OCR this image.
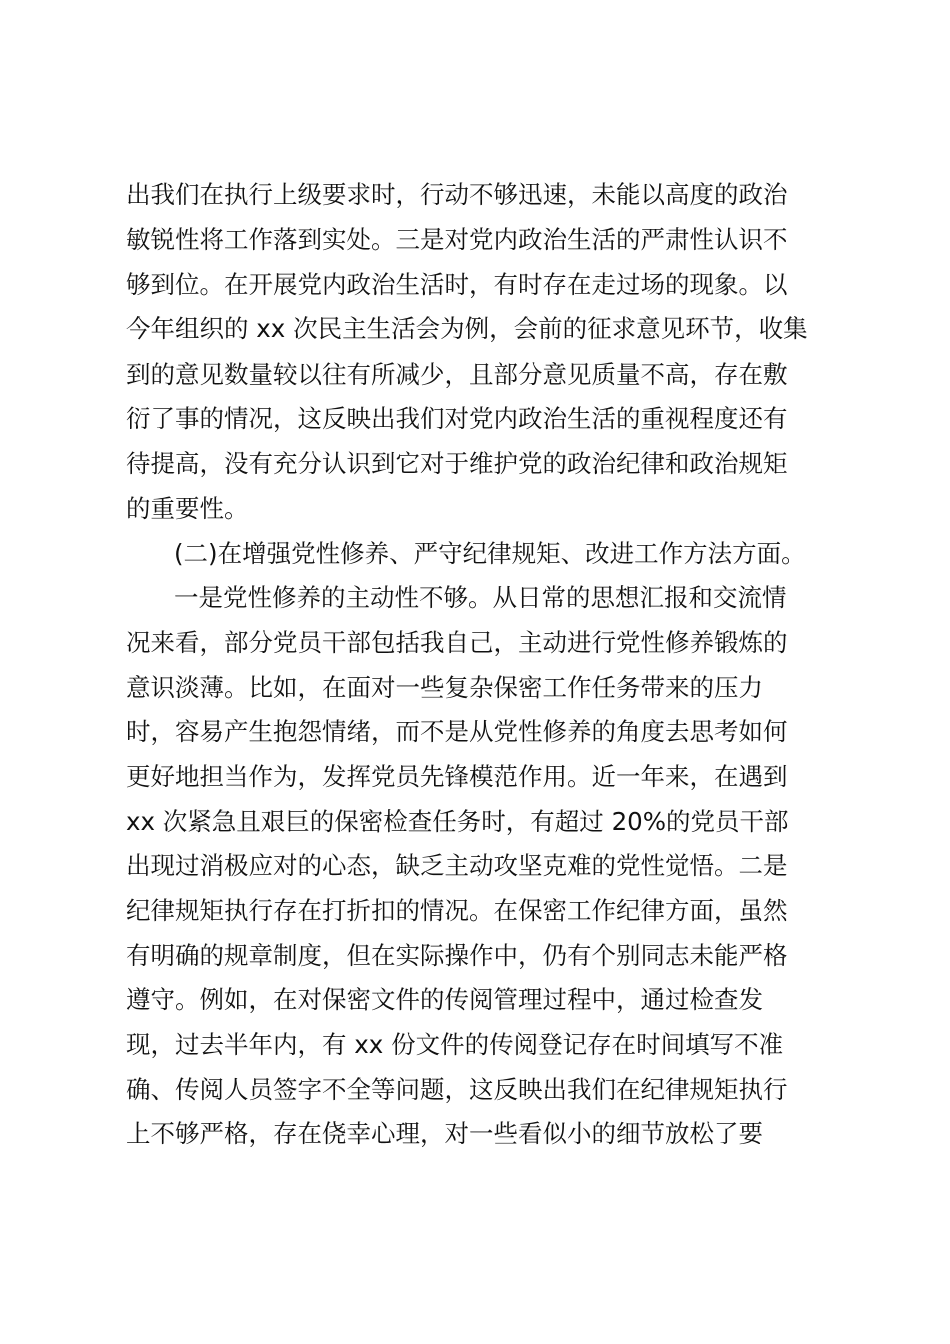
出我们在执行上级要求时，行动不够迅速，未能以高度的政治
敏锐性将工作落到实处。三是对党内政治生活的严肃性认识不
够到位。在开展党内政治生活时，有时存在走过场的现象。以
今年组织的 xx 次民主生活会为例，会前的征求意见环节，收集
到的意见数量较以往有所减少，且部分意见质量不高，存在敷
衍了事的情况，这反映出我们对党内政治生活的重视程度还有
待提高，没有充分认识到它对于维护党的政治纪律和政治规矩
的重要性。
(二)在增强党性修养、严守纪律规矩、改进工作方法方面。
一是党性修养的主动性不够。从日常的思想汇报和交流情
况来看，部分党员干部包括我自己，主动进行党性修养锻炼的
意识淡薄。比如，在面对一些复杂保密工作任务带来的压力
时，容易产生抱怨情绪，而不是从党性修养的角度去思考如何
更好地担当作为，发挥党员先锋模范作用。近一年来，在遇到
xx 次紧急且艰巨的保密检查任务时，有超过 20%的党员干部
出现过消极应对的心态，缺乏主动攻坚克难的党性觉悟。二是
纪律规矩执行存在打折扣的情况。在保密工作纪律方面，虽然
有明确的规章制度，但在实际操作中，仍有个别同志未能严格
遵守。例如，在对保密文件的传阅管理过程中，通过检查发
现，过去半年内，有 xx 份文件的传阅登记存在时间填写不准
确、传阅人员签字不全等问题，这反映出我们在纪律规矩执行
上不够严格，存在侥幸心理，对一些看似小的细节放松了要
